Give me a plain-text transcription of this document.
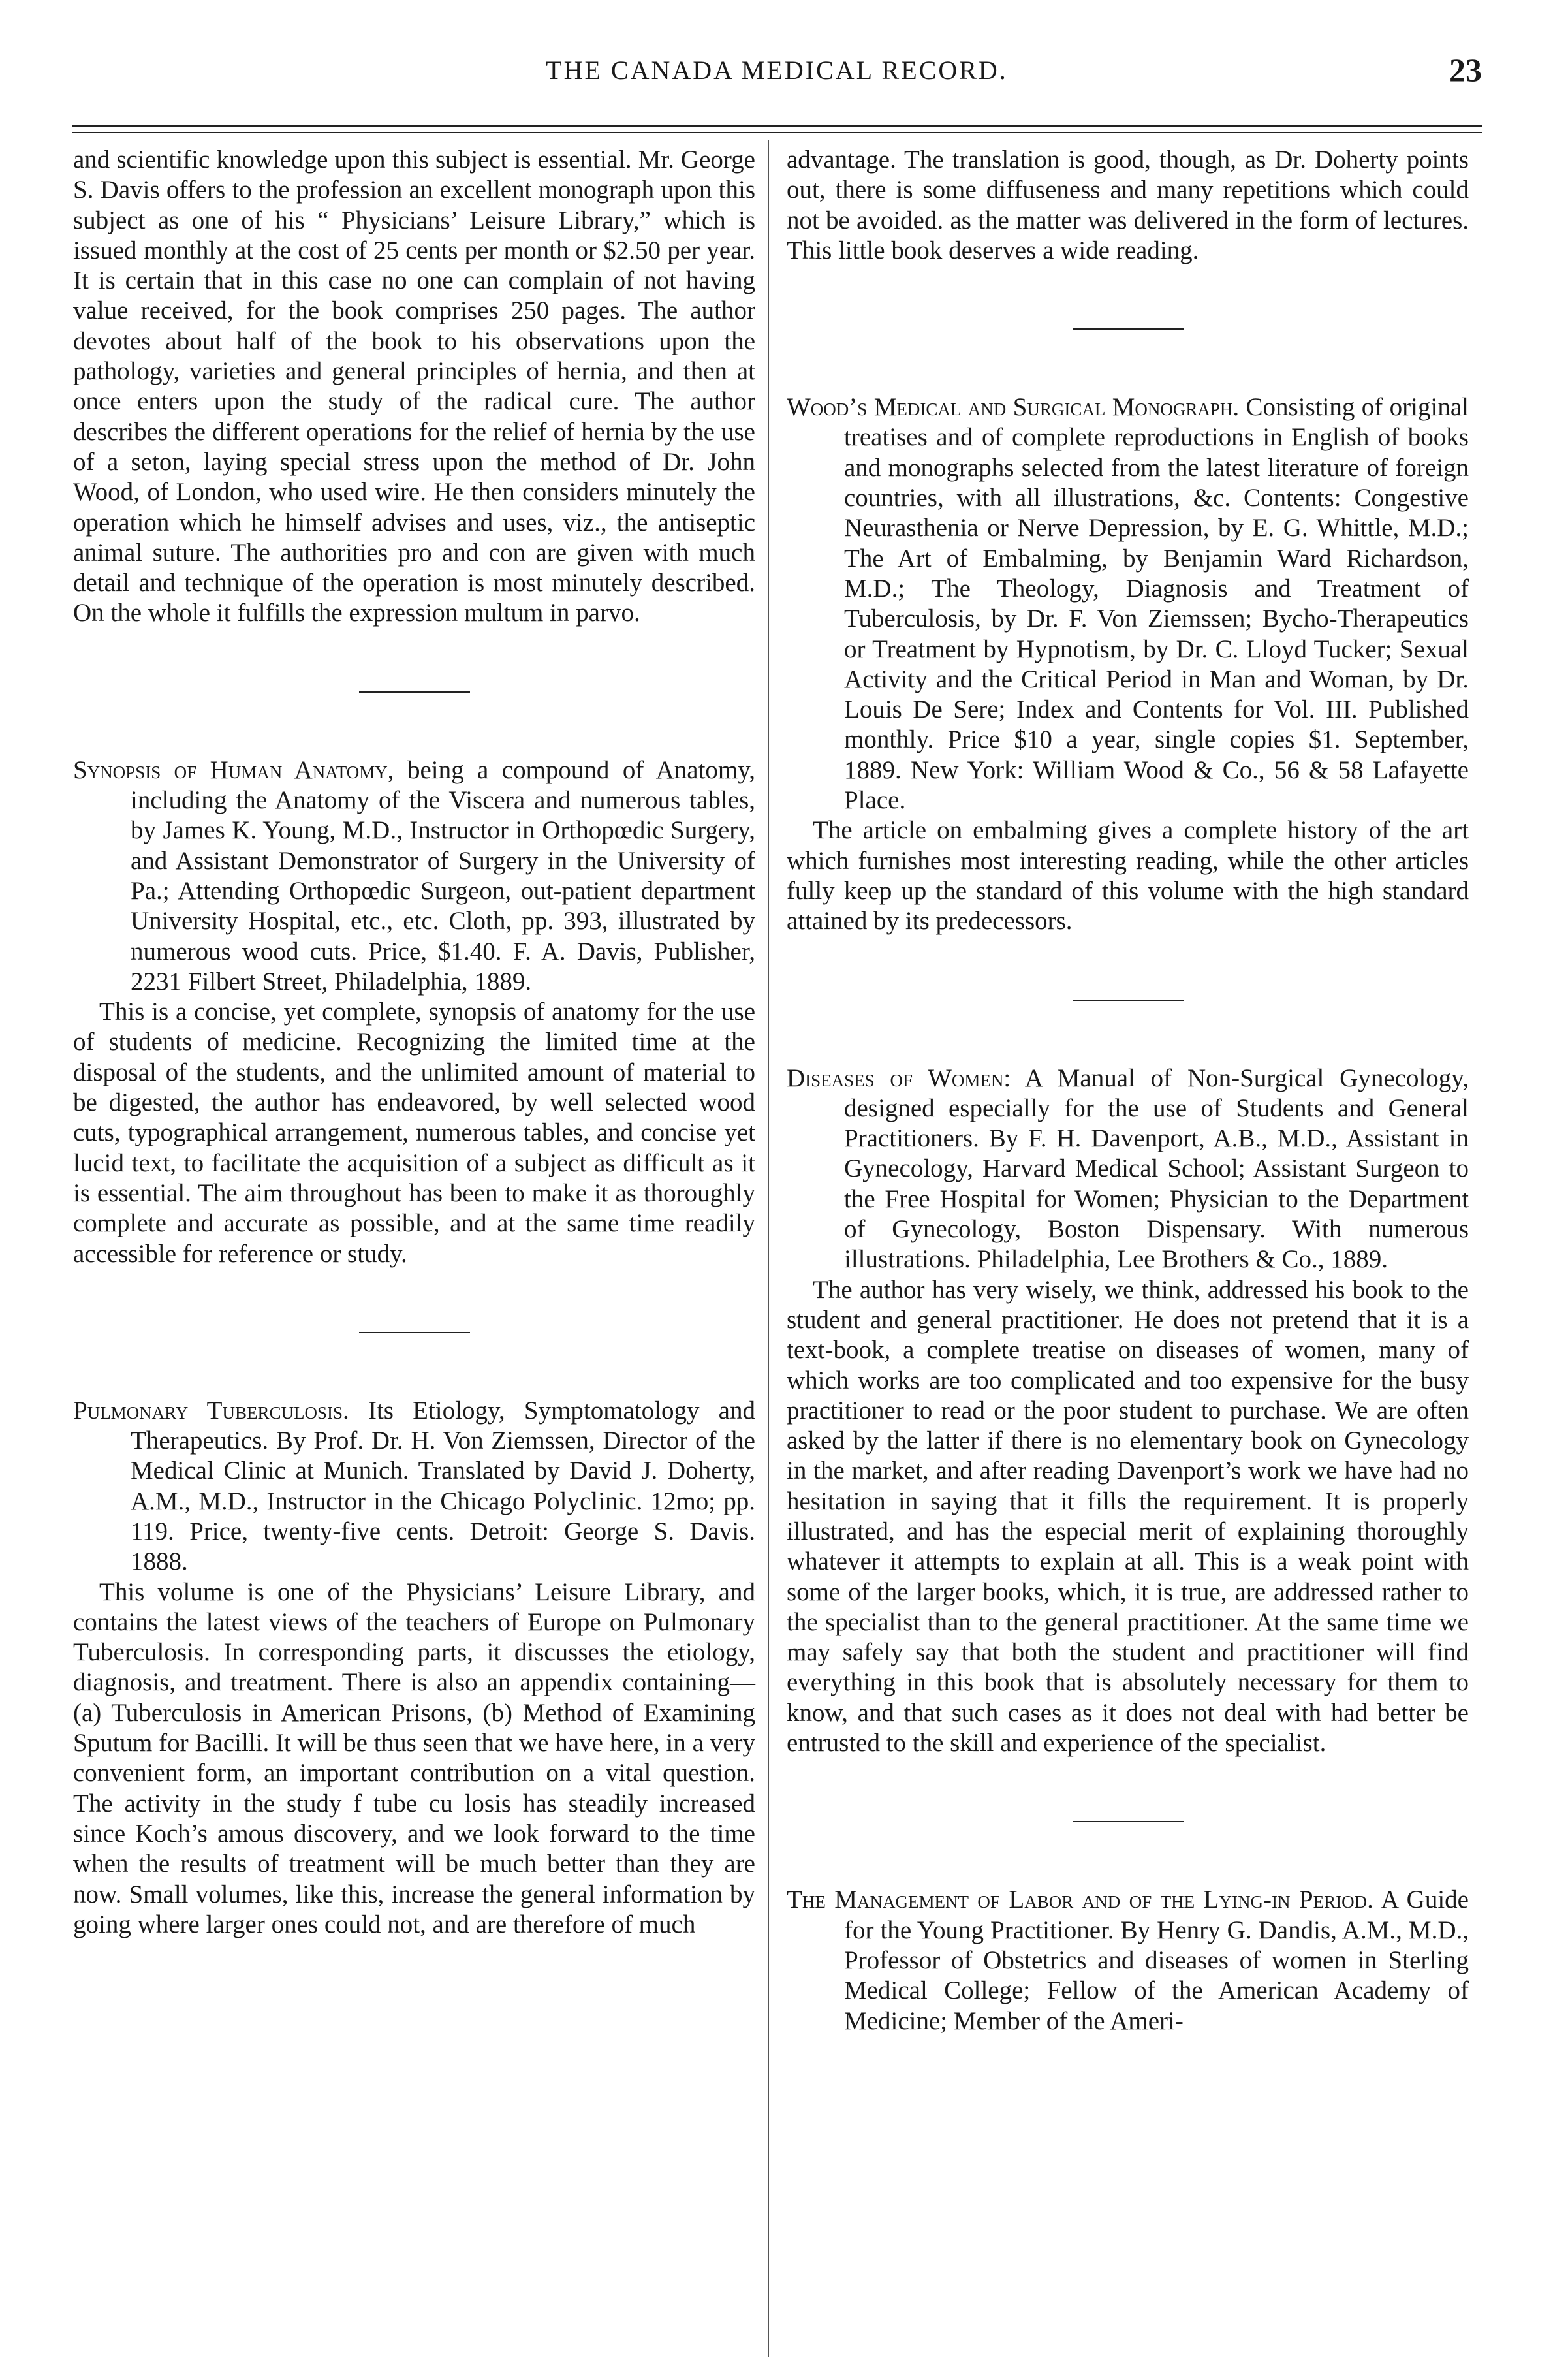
THE CANADA MEDICAL RECORD.	23

and scientific knowledge upon this subject is essential. Mr. George S. Davis offers to the profession an excellent monograph upon this subject as one of his “ Physicians’ Leisure Library,” which is issued monthly at the cost of 25 cents per month or $2.50 per year. It is certain that in this case no one can complain of not having value received, for the book comprises 250 pages. The author devotes about half of the book to his observations upon the pathology, varieties and general principles of hernia, and then at once enters upon the study of the radical cure. The author describes the different operations for the relief of hernia by the use of a seton, laying special stress upon the method of Dr. John Wood, of London, who used wire. He then considers minutely the operation which he himself advises and uses, viz., the antiseptic animal suture. The authorities pro and con are given with much detail and technique of the operation is most minutely described. On the whole it fulfills the expression multum in parvo.

Synopsis of Human Anatomy, being a compound of Anatomy, including the Anatomy of the Viscera and numerous tables, by James K. Young, M.D., Instructor in Orthopœdic Surgery, and Assistant Demonstrator of Surgery in the University of Pa.; Attending Orthopœdic Surgeon, out-patient department University Hospital, etc., etc. Cloth, pp. 393, illustrated by numerous wood cuts. Price, $1.40. F. A. Davis, Publisher, 2231 Filbert Street, Philadelphia, 1889.

This is a concise, yet complete, synopsis of anatomy for the use of students of medicine. Recognizing the limited time at the disposal of the students, and the unlimited amount of material to be digested, the author has endeavored, by well selected wood cuts, typographical arrangement, numerous tables, and concise yet lucid text, to facilitate the acquisition of a subject as difficult as it is essential. The aim throughout has been to make it as thoroughly complete and accurate as possible, and at the same time readily accessible for reference or study.

Pulmonary Tuberculosis. Its Etiology, Symptomatology and Therapeutics. By Prof. Dr. H. Von Ziemssen, Director of the Medical Clinic at Munich. Translated by David J. Doherty, A.M., M.D., Instructor in the Chicago Polyclinic. 12mo; pp. 119. Price, twenty-five cents. Detroit: George S. Davis. 1888.

This volume is one of the Physicians’ Leisure Library, and contains the latest views of the teachers of Europe on Pulmonary Tuberculosis. In corresponding parts, it discusses the etiology, diagnosis, and treatment. There is also an appendix containing—(a) Tuberculosis in American Prisons, (b) Method of Examining Sputum for Bacilli. It will be thus seen that we have here, in a very convenient form, an important contribution on a vital question. The activity in the study f tube cu losis has steadily increased since Koch’s amous discovery, and we look forward to the time when the results of treatment will be much better than they are now. Small volumes, like this, increase the general information by going where larger ones could not, and are therefore of much

advantage. The translation is good, though, as Dr. Doherty points out, there is some diffuseness and many repetitions which could not be avoided. as the matter was delivered in the form of lectures. This little book deserves a wide reading.

Wood’s Medical and Surgical Monograph. Consisting of original treatises and of complete reproductions in English of books and monographs selected from the latest literature of foreign countries, with all illustrations, &c. Contents: Congestive Neurasthenia or Nerve Depression, by E. G. Whittle, M.D.; The Art of Embalming, by Benjamin Ward Richardson, M.D.; The Theology, Diagnosis and Treatment of Tuberculosis, by Dr. F. Von Ziemssen; Bycho-Therapeutics or Treatment by Hypnotism, by Dr. C. Lloyd Tucker; Sexual Activity and the Critical Period in Man and Woman, by Dr. Louis De Sere; Index and Contents for Vol. III. Published monthly. Price $10 a year, single copies $1. September, 1889. New York: William Wood & Co., 56 & 58 Lafayette Place.

The article on embalming gives a complete history of the art which furnishes most interesting reading, while the other articles fully keep up the standard of this volume with the high standard attained by its predecessors.

Diseases of Women: A Manual of Non-Surgical Gynecology, designed especially for the use of Students and General Practitioners. By F. H. Davenport, A.B., M.D., Assistant in Gynecology, Harvard Medical School; Assistant Surgeon to the Free Hospital for Women; Physician to the Department of Gynecology, Boston Dispensary. With numerous illustrations. Philadelphia, Lee Brothers & Co., 1889.

The author has very wisely, we think, addressed his book to the student and general practitioner. He does not pretend that it is a text-book, a complete treatise on diseases of women, many of which works are too complicated and too expensive for the busy practitioner to read or the poor student to purchase. We are often asked by the latter if there is no elementary book on Gynecology in the market, and after reading Davenport’s work we have had no hesitation in saying that it fills the requirement. It is properly illustrated, and has the especial merit of explaining thoroughly whatever it attempts to explain at all. This is a weak point with some of the larger books, which, it is true, are addressed rather to the specialist than to the general practitioner. At the same time we may safely say that both the student and practitioner will find everything in this book that is absolutely necessary for them to know, and that such cases as it does not deal with had better be entrusted to the skill and experience of the specialist.

The Management of Labor and of the Lying-in Period. A Guide for the Young Practitioner. By Henry G. Dandis, A.M., M.D., Professor of Obstetrics and diseases of women in Sterling Medical College; Fellow of the American Academy of Medicine; Member of the Ameri-
